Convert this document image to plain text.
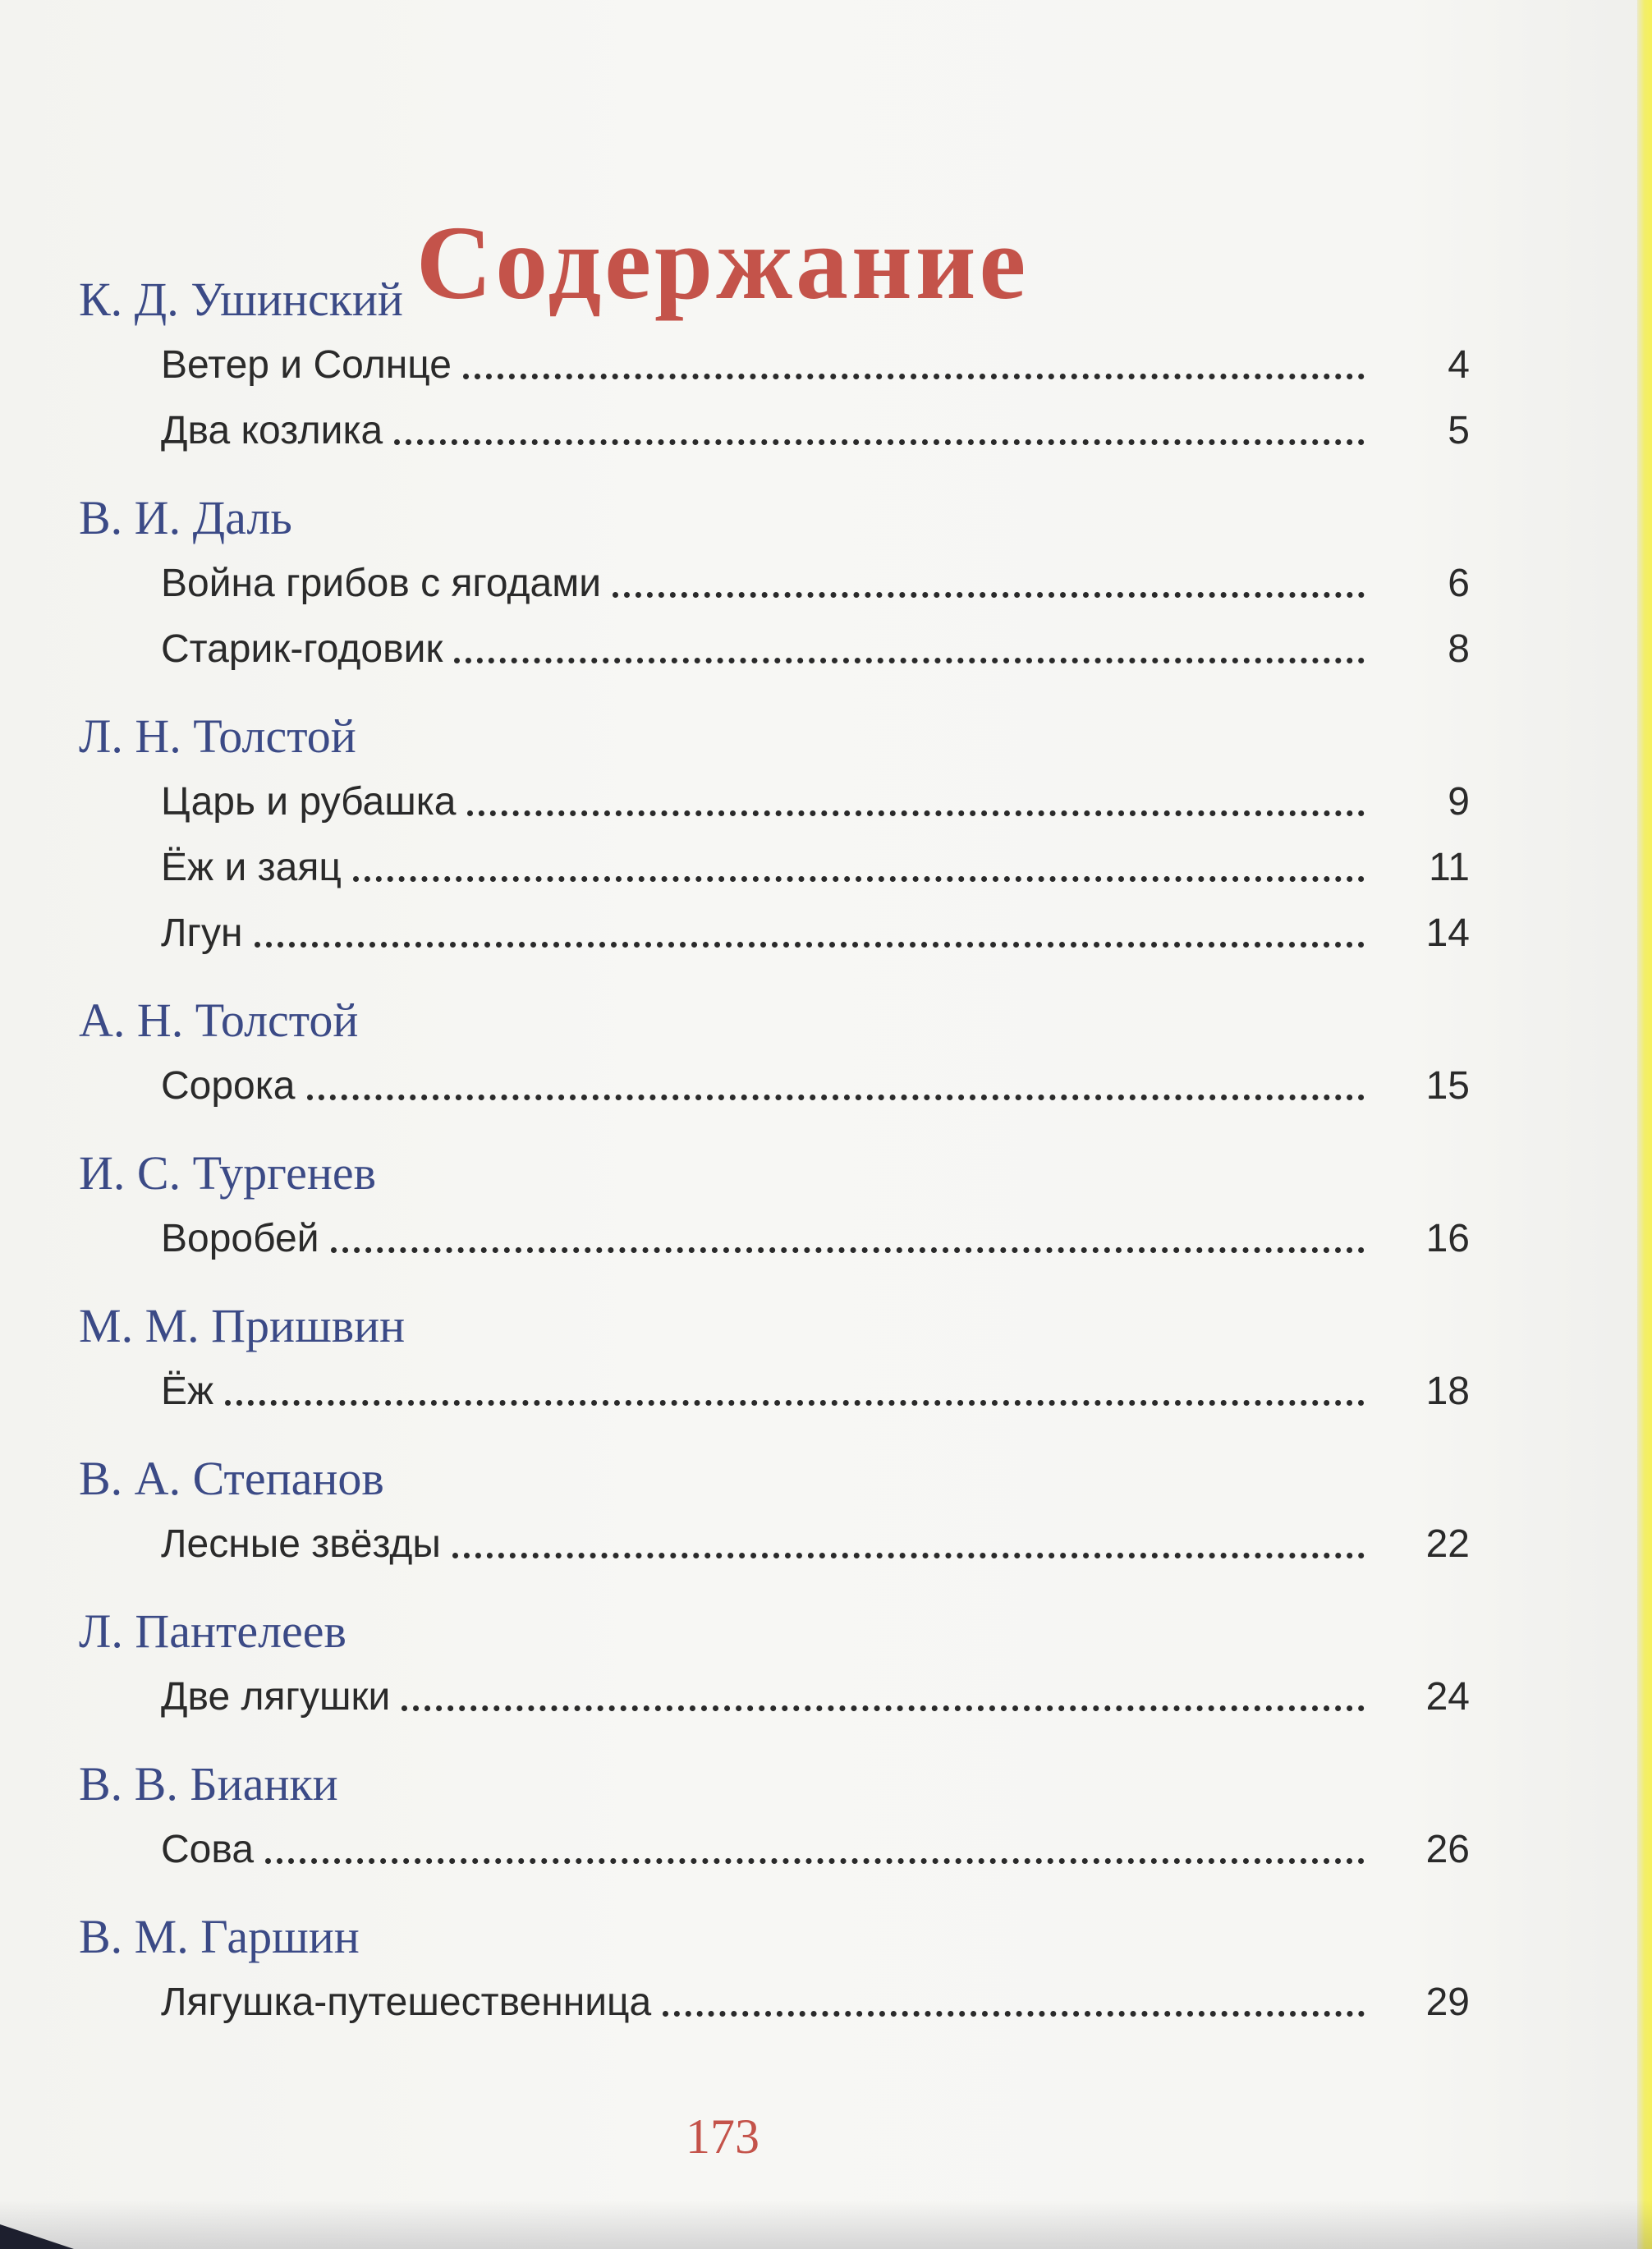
Содержание
К. Д. Ушинский
Ветер и Солнце	4
Два козлика	5
В. И. Даль
Война грибов с ягодами	6
Старик-годовик	8
Л. Н. Толстой
Царь и рубашка	9
Ёж и заяц	11
Лгун	14
А. Н. Толстой
Сорока	15
И. С. Тургенев
Воробей	16
М. М. Пришвин
Ёж	18
В. А. Степанов
Лесные звёзды	22
Л. Пантелеев
Две лягушки	24
В. В. Бианки
Сова	26
В. М. Гаршин
Лягушка-путешественница	29
173
